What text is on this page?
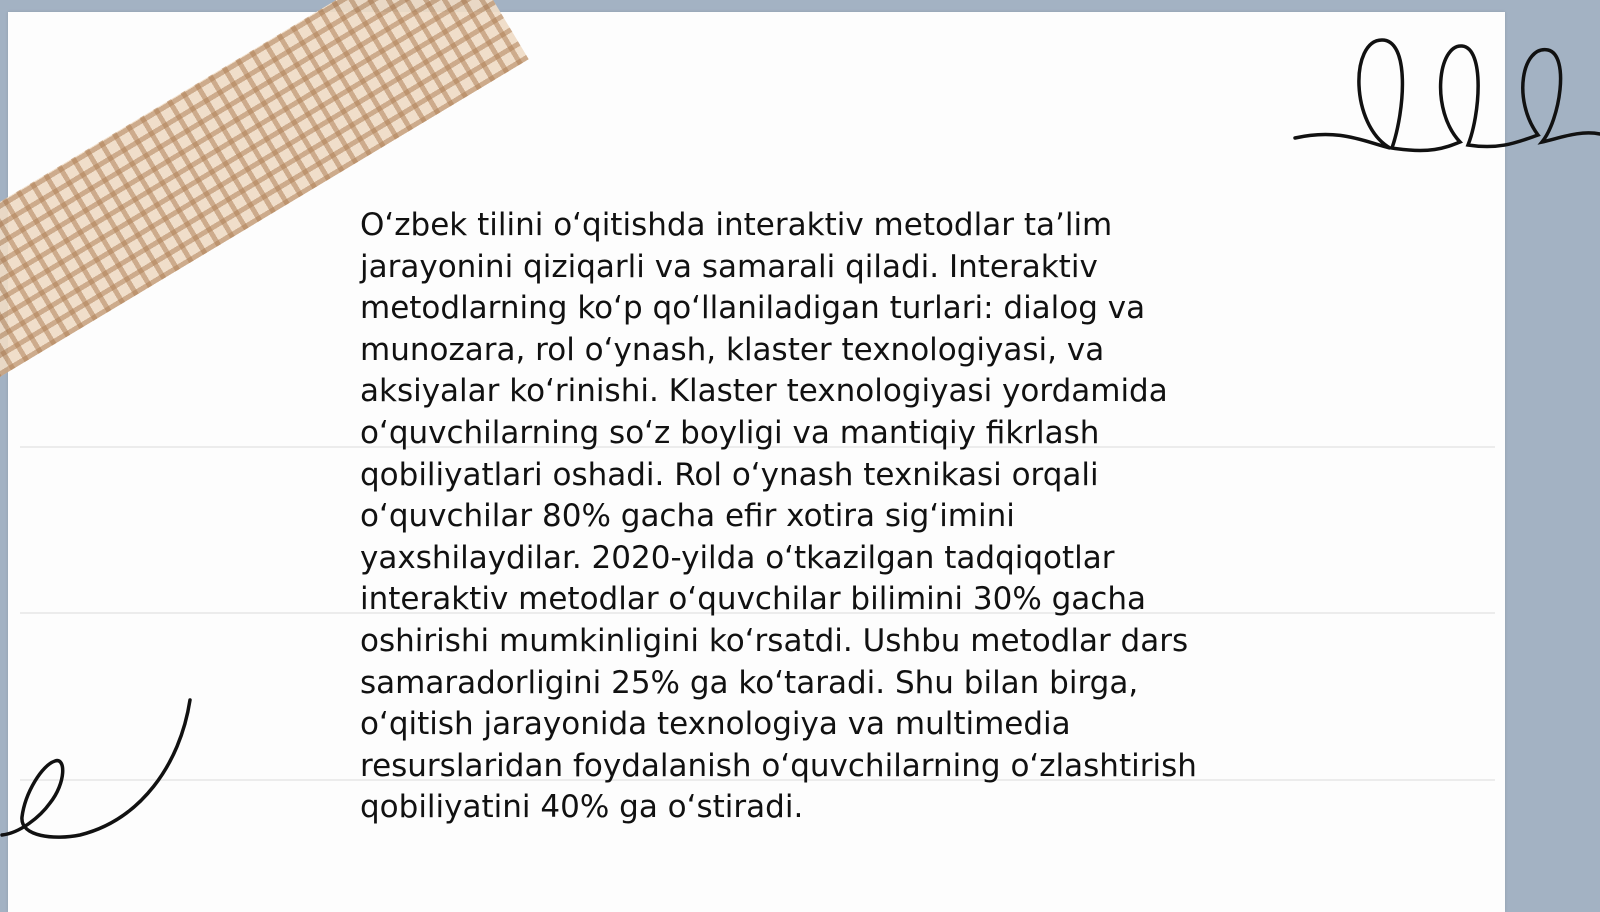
Oʻzbek tilini oʻqitishda interaktiv metodlar taʼlim
jarayonini qiziqarli va samarali qiladi. Interaktiv
metodlarning koʻp qoʻllaniladigan turlari: dialog va
munozara, rol oʻynash, klaster texnologiyasi, va
aksiyalar koʻrinishi. Klaster texnologiyasi yordamida
oʻquvchilarning soʻz boyligi va mantiqiy fikrlash
qobiliyatlari oshadi. Rol oʻynash texnikasi orqali
oʻquvchilar 80% gacha efir xotira sigʻimini
yaxshilaydilar. 2020-yilda oʻtkazilgan tadqiqotlar
interaktiv metodlar oʻquvchilar bilimini 30% gacha
oshirishi mumkinligini koʻrsatdi. Ushbu metodlar dars
samaradorligini 25% ga koʻtaradi. Shu bilan birga,
oʻqitish jarayonida texnologiya va multimedia
resurslaridan foydalanish oʻquvchilarning oʻzlashtirish
qobiliyatini 40% ga oʻstiradi.
